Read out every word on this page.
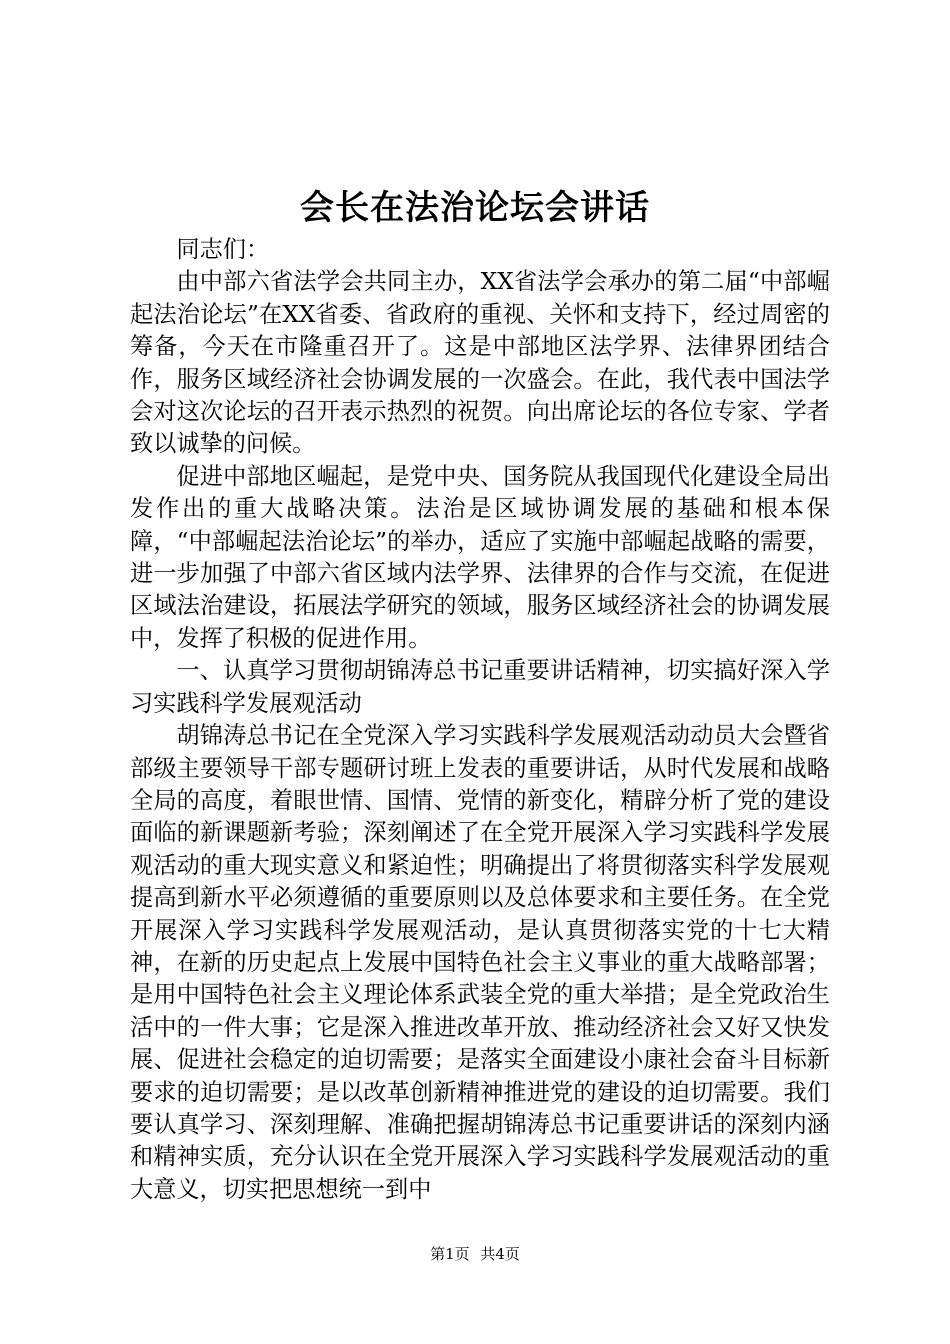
会长在法治论坛会讲话

同志们：

由中部六省法学会共同主办，XX省法学会承办的第二届“中部崛起法治论坛”在XX省委、省政府的重视、关怀和支持下，经过周密的筹备，今天在市隆重召开了。这是中部地区法学界、法律界团结合作，服务区域经济社会协调发展的一次盛会。在此，我代表中国法学会对这次论坛的召开表示热烈的祝贺。向出席论坛的各位专家、学者致以诚挚的问候。

促进中部地区崛起，是党中央、国务院从我国现代化建设全局出发作出的重大战略决策。法治是区域协调发展的基础和根本保障，“中部崛起法治论坛”的举办，适应了实施中部崛起战略的需要，进一步加强了中部六省区域内法学界、法律界的合作与交流，在促进区域法治建设，拓展法学研究的领域，服务区域经济社会的协调发展中，发挥了积极的促进作用。

一、认真学习贯彻胡锦涛总书记重要讲话精神，切实搞好深入学习实践科学发展观活动

胡锦涛总书记在全党深入学习实践科学发展观活动动员大会暨省部级主要领导干部专题研讨班上发表的重要讲话，从时代发展和战略全局的高度，着眼世情、国情、党情的新变化，精辟分析了党的建设面临的新课题新考验；深刻阐述了在全党开展深入学习实践科学发展观活动的重大现实意义和紧迫性；明确提出了将贯彻落实科学发展观提高到新水平必须遵循的重要原则以及总体要求和主要任务。在全党开展深入学习实践科学发展观活动，是认真贯彻落实党的十七大精神，在新的历史起点上发展中国特色社会主义事业的重大战略部署；是用中国特色社会主义理论体系武装全党的重大举措；是全党政治生活中的一件大事；它是深入推进改革开放、推动经济社会又好又快发展、促进社会稳定的迫切需要；是落实全面建设小康社会奋斗目标新要求的迫切需要；是以改革创新精神推进党的建设的迫切需要。我们要认真学习、深刻理解、准确把握胡锦涛总书记重要讲话的深刻内涵和精神实质，充分认识在全党开展深入学习实践科学发展观活动的重大意义，切实把思想统一到中

第1页 共4页
